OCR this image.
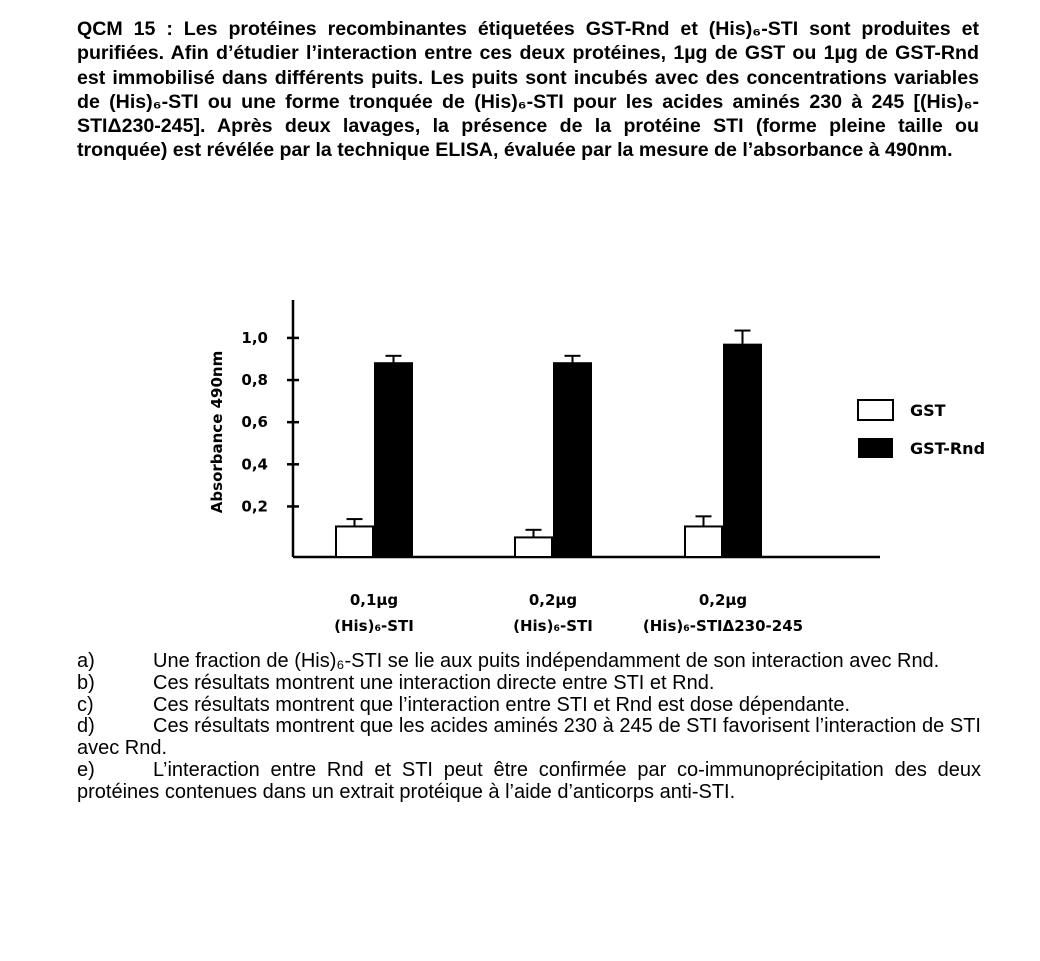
QCM 15 : Les protéines recombinantes étiquetées GST-Rnd et (His)₆-STI sont produites et purifiées. Afin d’étudier l’interaction entre ces deux protéines, 1µg de GST ou 1µg de GST-Rnd est immobilisé dans différents puits. Les puits sont incubés avec des concentrations variables de (His)₆-STI ou une forme tronquée de (His)₆-STI pour les acides aminés 230 à 245 [(His)₆-STIΔ230-245]. Après deux lavages, la présence de la protéine STI (forme pleine taille ou tronquée) est révélée par la technique ELISA, évaluée par la mesure de l’absorbance à 490nm.

Absorbance 490nm 0,2
0,4
0,6
0,8
1,0
0,1µg
(His)₆-STI
0,2µg
(His)₆-STI
0,2µg
(His)₆-STIΔ230-245
GST
GST-Rnd

a)	Une fraction de (His)₆-STI se lie aux puits indépendamment de son interaction avec Rnd.

b)	Ces résultats montrent une interaction directe entre STI et Rnd.

c)	Ces résultats montrent que l’interaction entre STI et Rnd est dose dépendante.

d)	Ces résultats montrent que les acides aminés 230 à 245 de STI favorisent l’interaction de STI avec Rnd.

e)	L’interaction entre Rnd et STI peut être confirmée par co-immunoprécipitation des deux protéines contenues dans un extrait protéique à l’aide d’anticorps anti-STI.
